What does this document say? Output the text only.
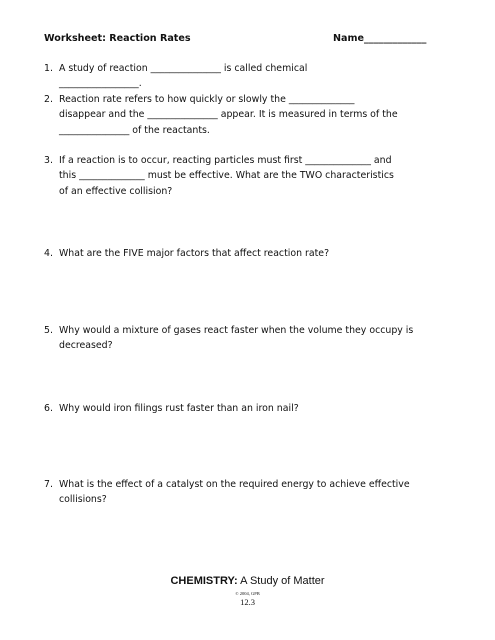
Worksheet: Reaction Rates	Name_____________
1. A study of reaction _______________ is called chemical
_________________.
2. Reaction rate refers to how quickly or slowly the ______________
disappear and the _______________ appear. It is measured in terms of the
_______________ of the reactants.
3. If a reaction is to occur, reacting particles must first ______________ and
this ______________ must be effective. What are the TWO characteristics
of an effective collision?
4. What are the FIVE major factors that affect reaction rate?
5. Why would a mixture of gases react faster when the volume they occupy is
decreased?
6. Why would iron filings rust faster than an iron nail?
7. What is the effect of a catalyst on the required energy to achieve effective
collisions?
CHEMISTRY: A Study of Matter
© 2004, GPB
12.3
